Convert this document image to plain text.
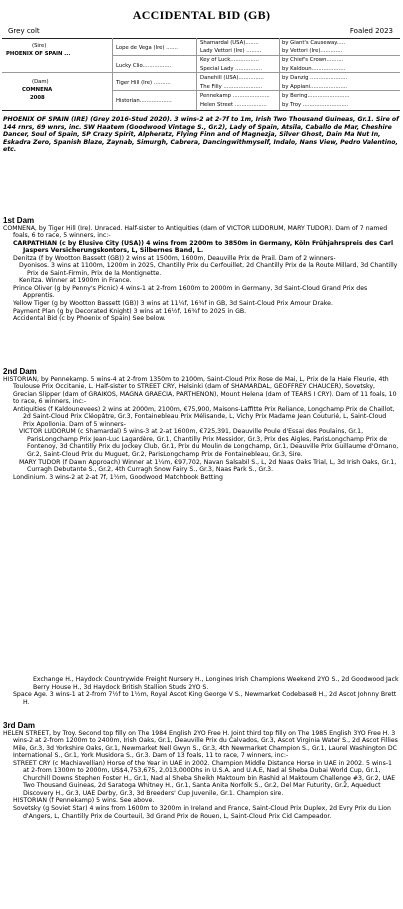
ACCIDENTAL BID (GB)
Grey colt	Foaled 2023
(Sire)
PHOENIX OF SPAIN ...
(Dam)
COMNENA
2008
Lope de Vega (Ire) .......
Lucky Clio.................
Tiger Hill (Ire) ..........
Historian...................
Shamardal (USA)........
Lady Vettori (Ire) .........
Key of Luck.................
Special Lady ................
Danehill (USA)...............
The Filly .......................
Pennekamp ......................
Helen Street ...................
by Giant's Causeway.....
by Vettori (Ire).............
by Chief's Crown..........
by Kaldoun....................
by Danzig ......................
by Appiani......................
by Bering.........................
by Troy ...........................

PHOENIX OF SPAIN (IRE) (Grey 2016-Stud 2020). 3 wins-2 at 2-7f to 1m, Irish Two Thousand Guineas, Gr.1. Sire of 144 rnrs, 69 wnrs, inc. SW Haatem (Goodwood Vintage S., Gr.2), Lady of Spain, Atsila, Caballo de Mar, Cheshire Dancer, Soul of Spain, SP Crazy Spirit, Alpheratz, Flying Finn and of Magnezja, Silver Ghost, Dain Ma Nut In, Eskadra Zero, Spanish Blaze, Zaynab, Simurgh, Cabrera, Dancingwithmyself, Indalo, Nans View, Pedro Valentino, etc.

1st Dam
COMNENA, by Tiger Hill (Ire). Unraced. Half-sister to Antiquities (dam of VICTOR LUDORUM, MARY TUDOR). Dam of 7 named foals, 6 to race, 5 winners, inc:-
CARPATHIAN (c by Elusive City (USA)) 4 wins from 2200m to 3850m in Germany, Köln Frühjahrspreis des Carl Jaspers Versicherungskontors, L, Silbernes Band, L.
Denitza (f by Wootton Bassett (GB)) 2 wins at 1500m, 1600m, Deauville Prix de Prail. Dam of 2 winners-
Dyonisos. 3 wins at 1100m, 1200m in 2025, Chantilly Prix du Cerfouillet, 2d Chantilly Prix de la Route Millard, 3d Chantilly Prix de Saint-Firmin, Prix de la Montignette.
Kenitza. Winner at 1900m in France.
Prince Oliver (g by Penny's Picnic) 4 wins-1 at 2-from 1600m to 2000m in Germany, 3d Saint-Cloud Grand Prix des Apprentis.
Yellow Tiger (g by Wootton Bassett (GB)) 3 wins at 11¼f, 16¾f in GB, 3d Saint-Cloud Prix Amour Drake.
Payment Plan (g by Decorated Knight) 3 wins at 16½f, 16¾f to 2025 in GB.
Accidental Bid (c by Phoenix of Spain) See below.
2nd Dam
HISTORIAN, by Pennekamp. 5 wins-4 at 2-from 1350m to 2100m, Saint-Cloud Prix Rose de Mai, L, Prix de la Haie Fleurie, 4th Toulouse Prix Occitanie, L. Half-sister to STREET CRY, Helsinki (dam of SHAMARDAL, GEOFFREY CHAUCER), Sovetsky, Grecian Slipper (dam of GRAIKOS, MAGNA GRAECIA, PARTHENON), Mount Helena (dam of TEARS I CRY). Dam of 11 foals, 10 to race, 6 winners, inc:-
Antiquities (f Kaldounevees) 2 wins at 2000m, 2100m, €75,900, Maisons-Laffitte Prix Reliance, Longchamp Prix de Chaillot, 2d Saint-Cloud Prix Cléopâtre, Gr.3, Fontainebleau Prix Mélisande, L, Vichy Prix Madame Jean Couturié, L, Saint-Cloud Prix Apollonia. Dam of 5 winners-
VICTOR LUDORUM (c Shamardal) 5 wins-3 at 2-at 1600m, €725,391, Deauville Poule d'Essai des Poulains, Gr.1, ParisLongchamp Prix Jean-Luc Lagardère, Gr.1, Chantilly Prix Messidor, Gr.3, Prix des Aigles, ParisLongchamp Prix de Fontenoy, 3d Chantilly Prix du Jockey Club, Gr.1, Prix du Moulin de Longchamp, Gr.1, Deauville Prix Guillaume d'Ornano, Gr.2, Saint-Cloud Prix du Muguet, Gr.2, ParisLongchamp Prix de Fontainebleau, Gr.3, Sire.
MARY TUDOR (f Dawn Approach) Winner at 1¼m, €97,702, Navan Salsabil S., L, 2d Naas Oaks Trial, L, 3d Irish Oaks, Gr.1, Curragh Debutante S., Gr.2, 4th Curragh Snow Fairy S., Gr.3, Naas Park S., Gr.3.
Londinium. 3 wins-2 at 2-at 7f, 1½m, Goodwood Matchbook Betting
Exchange H., Haydock Countrywide Freight Nursery H., Longines Irish Champions Weekend 2YO S., 2d Goodwood Jack Berry House H., 3d Haydock British Stallion Studs 2YO S.
Space Age. 3 wins-1 at 2-from 7½f to 1½m, Royal Ascot King George V S., Newmarket Codebase8 H., 2d Ascot Johnny Brett H.
3rd Dam
HELEN STREET, by Troy. Second top filly on The 1984 English 2YO Free H. Joint third top filly on The 1985 English 3YO Free H. 3 wins-2 at 2-from 1200m to 2400m, Irish Oaks, Gr.1, Deauville Prix du Calvados, Gr.3, Ascot Virginia Water S., 2d Ascot Fillies Mile, Gr.3, 3d Yorkshire Oaks, Gr.1, Newmarket Nell Gwyn S., Gr.3, 4th Newmarket Champion S., Gr.1, Laurel Washington DC International S., Gr.1, York Musidora S., Gr.3. Dam of 13 foals, 11 to race, 7 winners, inc:-
STREET CRY (c Machiavellian) Horse of the Year in UAE in 2002. Champion Middle Distance Horse in UAE in 2002. 5 wins-1 at 2-from 1300m to 2000m, US$4,753,675, 2,013,000Dhs in U.S.A. and U.A.E, Nad al Sheba Dubai World Cup, Gr.1, Churchill Downs Stephen Foster H., Gr.1, Nad al Sheba Sheikh Maktoum bin Rashid al Maktoum Challenge #3, Gr.2, UAE Two Thousand Guineas, 2d Saratoga Whitney H., Gr.1, Santa Anita Norfolk S., Gr.2, Del Mar Futurity, Gr.2, Aqueduct Discovery H., Gr.3, UAE Derby, Gr.3, 3d Breeders' Cup Juvenile, Gr.1. Champion sire.
HISTORIAN (f Pennekamp) 5 wins. See above.
Sovetsky (g Soviet Star) 4 wins from 1600m to 3200m in Ireland and France, Saint-Cloud Prix Duplex, 2d Evry Prix du Lion d'Angers, L, Chantilly Prix de Courteuil, 3d Grand Prix de Rouen, L, Saint-Cloud Prix Cid Campeador.
